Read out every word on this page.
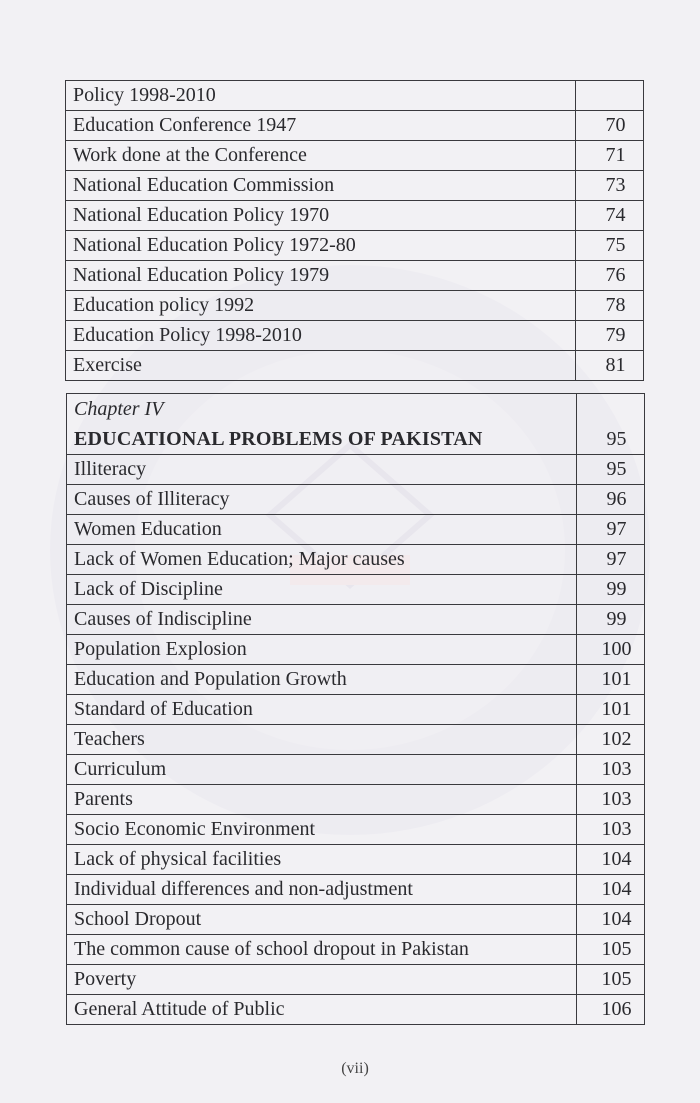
Policy 1998-2010	
Education Conference 1947	70
Work done at the Conference	71
National Education Commission	73
National Education Policy 1970	74
National Education Policy 1972-80	75
National Education Policy 1979	76
Education policy 1992	78
Education Policy 1998-2010	79
Exercise	81
Chapter IV
EDUCATIONAL PROBLEMS OF PAKISTAN	95
Illiteracy	95
Causes of Illiteracy	96
Women Education	97
Lack of Women Education; Major causes	97
Lack of Discipline	99
Causes of Indiscipline	99
Population Explosion	100
Education and Population Growth	101
Standard of Education	101
Teachers	102
Curriculum	103
Parents	103
Socio Economic Environment	103
Lack of physical facilities	104
Individual differences and non-adjustment	104
School Dropout	104
The common cause of school dropout in Pakistan	105
Poverty	105
General Attitude of Public	106
(vii)
